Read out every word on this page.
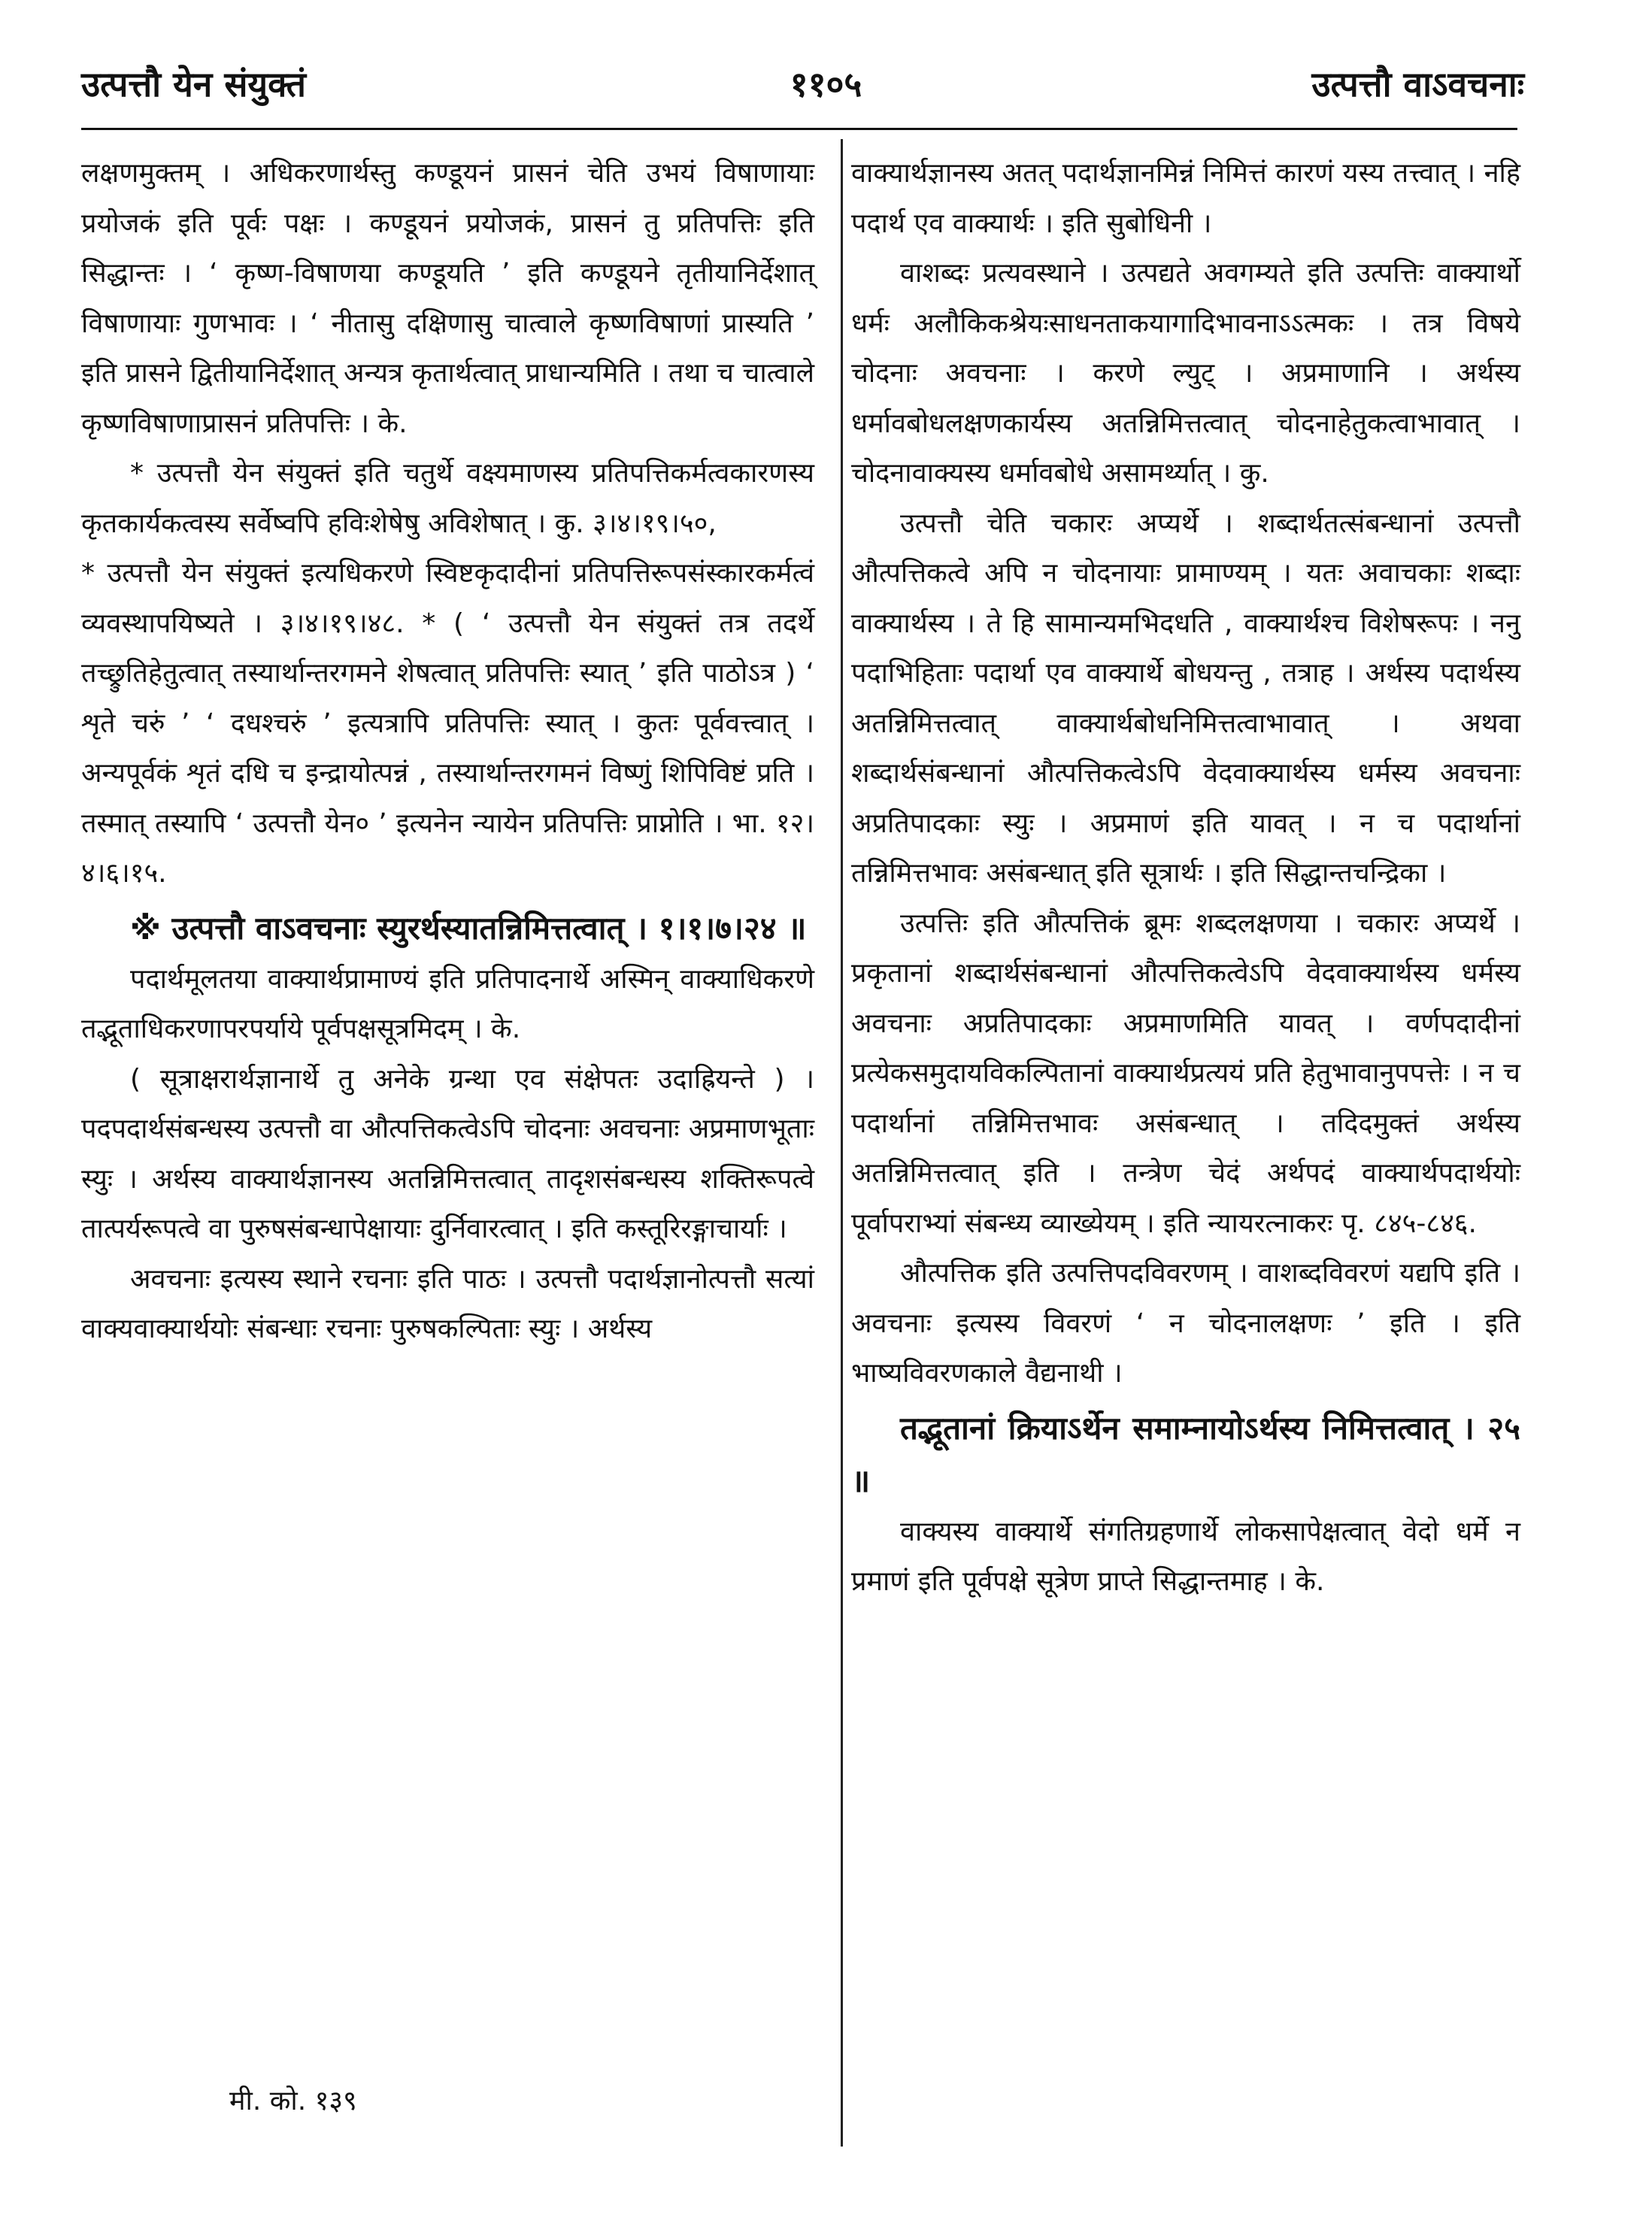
उत्पत्तौ येन संयुक्तं	११०५	उत्पत्तौ वाऽवचनाः

लक्षणमुक्तम् । अधिकरणार्थस्तु कण्डूयनं प्रासनं चेति उभयं विषाणायाः प्रयोजकं इति पूर्वः पक्षः । कण्डूयनं प्रयोजकं, प्रासनं तु प्रतिपत्तिः इति सिद्धान्तः । ‘ कृष्ण-विषाणया कण्डूयति ’ इति कण्डूयने तृतीयानिर्देशात् विषाणायाः गुणभावः । ‘ नीतासु दक्षिणासु चात्वाले कृष्णविषाणां प्रास्यति ’ इति प्रासने द्वितीयानिर्देशात् अन्यत्र कृतार्थत्वात् प्राधान्यमिति । तथा च चात्वाले कृष्णविषाणाप्रासनं प्रतिपत्तिः । के.

* उत्पत्तौ येन संयुक्तं इति चतुर्थे वक्ष्यमाणस्य प्रतिपत्तिकर्मत्वकारणस्य कृतकार्यकत्वस्य सर्वेष्वपि हविःशेषेषु अविशेषात् । कु. ३।४।१९।५०,

* उत्पत्तौ येन संयुक्तं इत्यधिकरणे स्विष्टकृदादीनां प्रतिपत्तिरूपसंस्कारकर्मत्वं व्यवस्थापयिष्यते । ३।४।१९।४८. * ( ‘ उत्पत्तौ येन संयुक्तं तत्र तदर्थे तच्छ्रुतिहेतुत्वात् तस्यार्थान्तरगमने शेषत्वात् प्रतिपत्तिः स्यात् ’ इति पाठोऽत्र ) ‘ शृते चरुं ’ ‘ दधश्चरुं ’ इत्यत्रापि प्रतिपत्तिः स्यात् । कुतः पूर्ववत्त्वात् । अन्यपूर्वकं शृतं दधि च इन्द्रायोत्पन्नं , तस्यार्थान्तरगमनं विष्णुं शिपिविष्टं प्रति । तस्मात् तस्यापि ‘ उत्पत्तौ येन० ’ इत्यनेन न्यायेन प्रतिपत्तिः प्राप्नोति । भा. १२।४।६।१५.

※ उत्पत्तौ वाऽवचनाः स्युरर्थस्यातन्निमित्तत्वात् । १।१।७।२४ ॥

पदार्थमूलतया वाक्यार्थप्रामाण्यं इति प्रतिपादनार्थे अस्मिन् वाक्याधिकरणे तद्भूताधिकरणापरपर्याये पूर्वपक्षसूत्रमिदम् । के.

( सूत्राक्षरार्थज्ञानार्थे तु अनेके ग्रन्था एव संक्षेपतः उदाह्रियन्ते ) । पदपदार्थसंबन्धस्य उत्पत्तौ वा औत्पत्तिकत्वेऽपि चोदनाः अवचनाः अप्रमाणभूताः स्युः । अर्थस्य वाक्यार्थज्ञानस्य अतन्निमित्तत्वात् तादृशसंबन्धस्य शक्तिरूपत्वे तात्पर्यरूपत्वे वा पुरुषसंबन्धापेक्षायाः दुर्निवारत्वात् । इति कस्तूरिरङ्गाचार्याः ।

अवचनाः इत्यस्य स्थाने रचनाः इति पाठः । उत्पत्तौ पदार्थज्ञानोत्पत्तौ सत्यां वाक्यवाक्यार्थयोः संबन्धाः रचनाः पुरुषकल्पिताः स्युः । अर्थस्य

वाक्यार्थज्ञानस्य अतत् पदार्थज्ञानमिन्नं निमित्तं कारणं यस्य तत्त्वात् । नहि पदार्थ एव वाक्यार्थः । इति सुबोधिनी ।

वाशब्दः प्रत्यवस्थाने । उत्पद्यते अवगम्यते इति उत्पत्तिः वाक्यार्थो धर्मः अलौकिकश्रेयःसाधनताकयागादिभावनाऽऽत्मकः । तत्र विषये चोदनाः अवचनाः । करणे ल्युट् । अप्रमाणानि । अर्थस्य धर्मावबोधलक्षणकार्यस्य अतन्निमित्तत्वात् चोदनाहेतुकत्वाभावात् । चोदनावाक्यस्य धर्मावबोधे असामर्थ्यात् । कु.

उत्पत्तौ चेति चकारः अप्यर्थे । शब्दार्थतत्संबन्धानां उत्पत्तौ औत्पत्तिकत्वे अपि न चोदनायाः प्रामाण्यम् । यतः अवाचकाः शब्दाः वाक्यार्थस्य । ते हि सामान्यमभिदधति , वाक्यार्थश्च विशेषरूपः । ननु पदाभिहिताः पदार्था एव वाक्यार्थे बोधयन्तु , तत्राह । अर्थस्य पदार्थस्य अतन्निमित्तत्वात् वाक्यार्थबोधनिमित्तत्वाभावात् । अथवा शब्दार्थसंबन्धानां औत्पत्तिकत्वेऽपि वेदवाक्यार्थस्य धर्मस्य अवचनाः अप्रतिपादकाः स्युः । अप्रमाणं इति यावत् । न च पदार्थानां तन्निमित्तभावः असंबन्धात् इति सूत्रार्थः । इति सिद्धान्तचन्द्रिका ।

उत्पत्तिः इति औत्पत्तिकं ब्रूमः शब्दलक्षणया । चकारः अप्यर्थे । प्रकृतानां शब्दार्थसंबन्धानां औत्पत्तिकत्वेऽपि वेदवाक्यार्थस्य धर्मस्य अवचनाः अप्रतिपादकाः अप्रमाणमिति यावत् । वर्णपदादीनां प्रत्येकसमुदायविकल्पितानां वाक्यार्थप्रत्ययं प्रति हेतुभावानुपपत्तेः । न च पदार्थानां तन्निमित्तभावः असंबन्धात् । तदिदमुक्तं अर्थस्य अतन्निमित्तत्वात् इति । तन्त्रेण चेदं अर्थपदं वाक्यार्थपदार्थयोः पूर्वापराभ्यां संबन्ध्य व्याख्येयम् । इति न्यायरत्नाकरः पृ. ८४५-८४६.

औत्पत्तिक इति उत्पत्तिपदविवरणम् । वाशब्दविवरणं यद्यपि इति । अवचनाः इत्यस्य विवरणं ‘ न चोदनालक्षणः ’ इति । इति भाष्यविवरणकाले वैद्यनाथी ।

तद्भूतानां क्रियाऽर्थेन समाम्नायोऽर्थस्य निमित्तत्वात् । २५ ॥

वाक्यस्य वाक्यार्थे संगतिग्रहणार्थे लोकसापेक्षत्वात् वेदो धर्मे न प्रमाणं इति पूर्वपक्षे सूत्रेण प्राप्ते सिद्धान्तमाह । के.

मी. को. १३९
